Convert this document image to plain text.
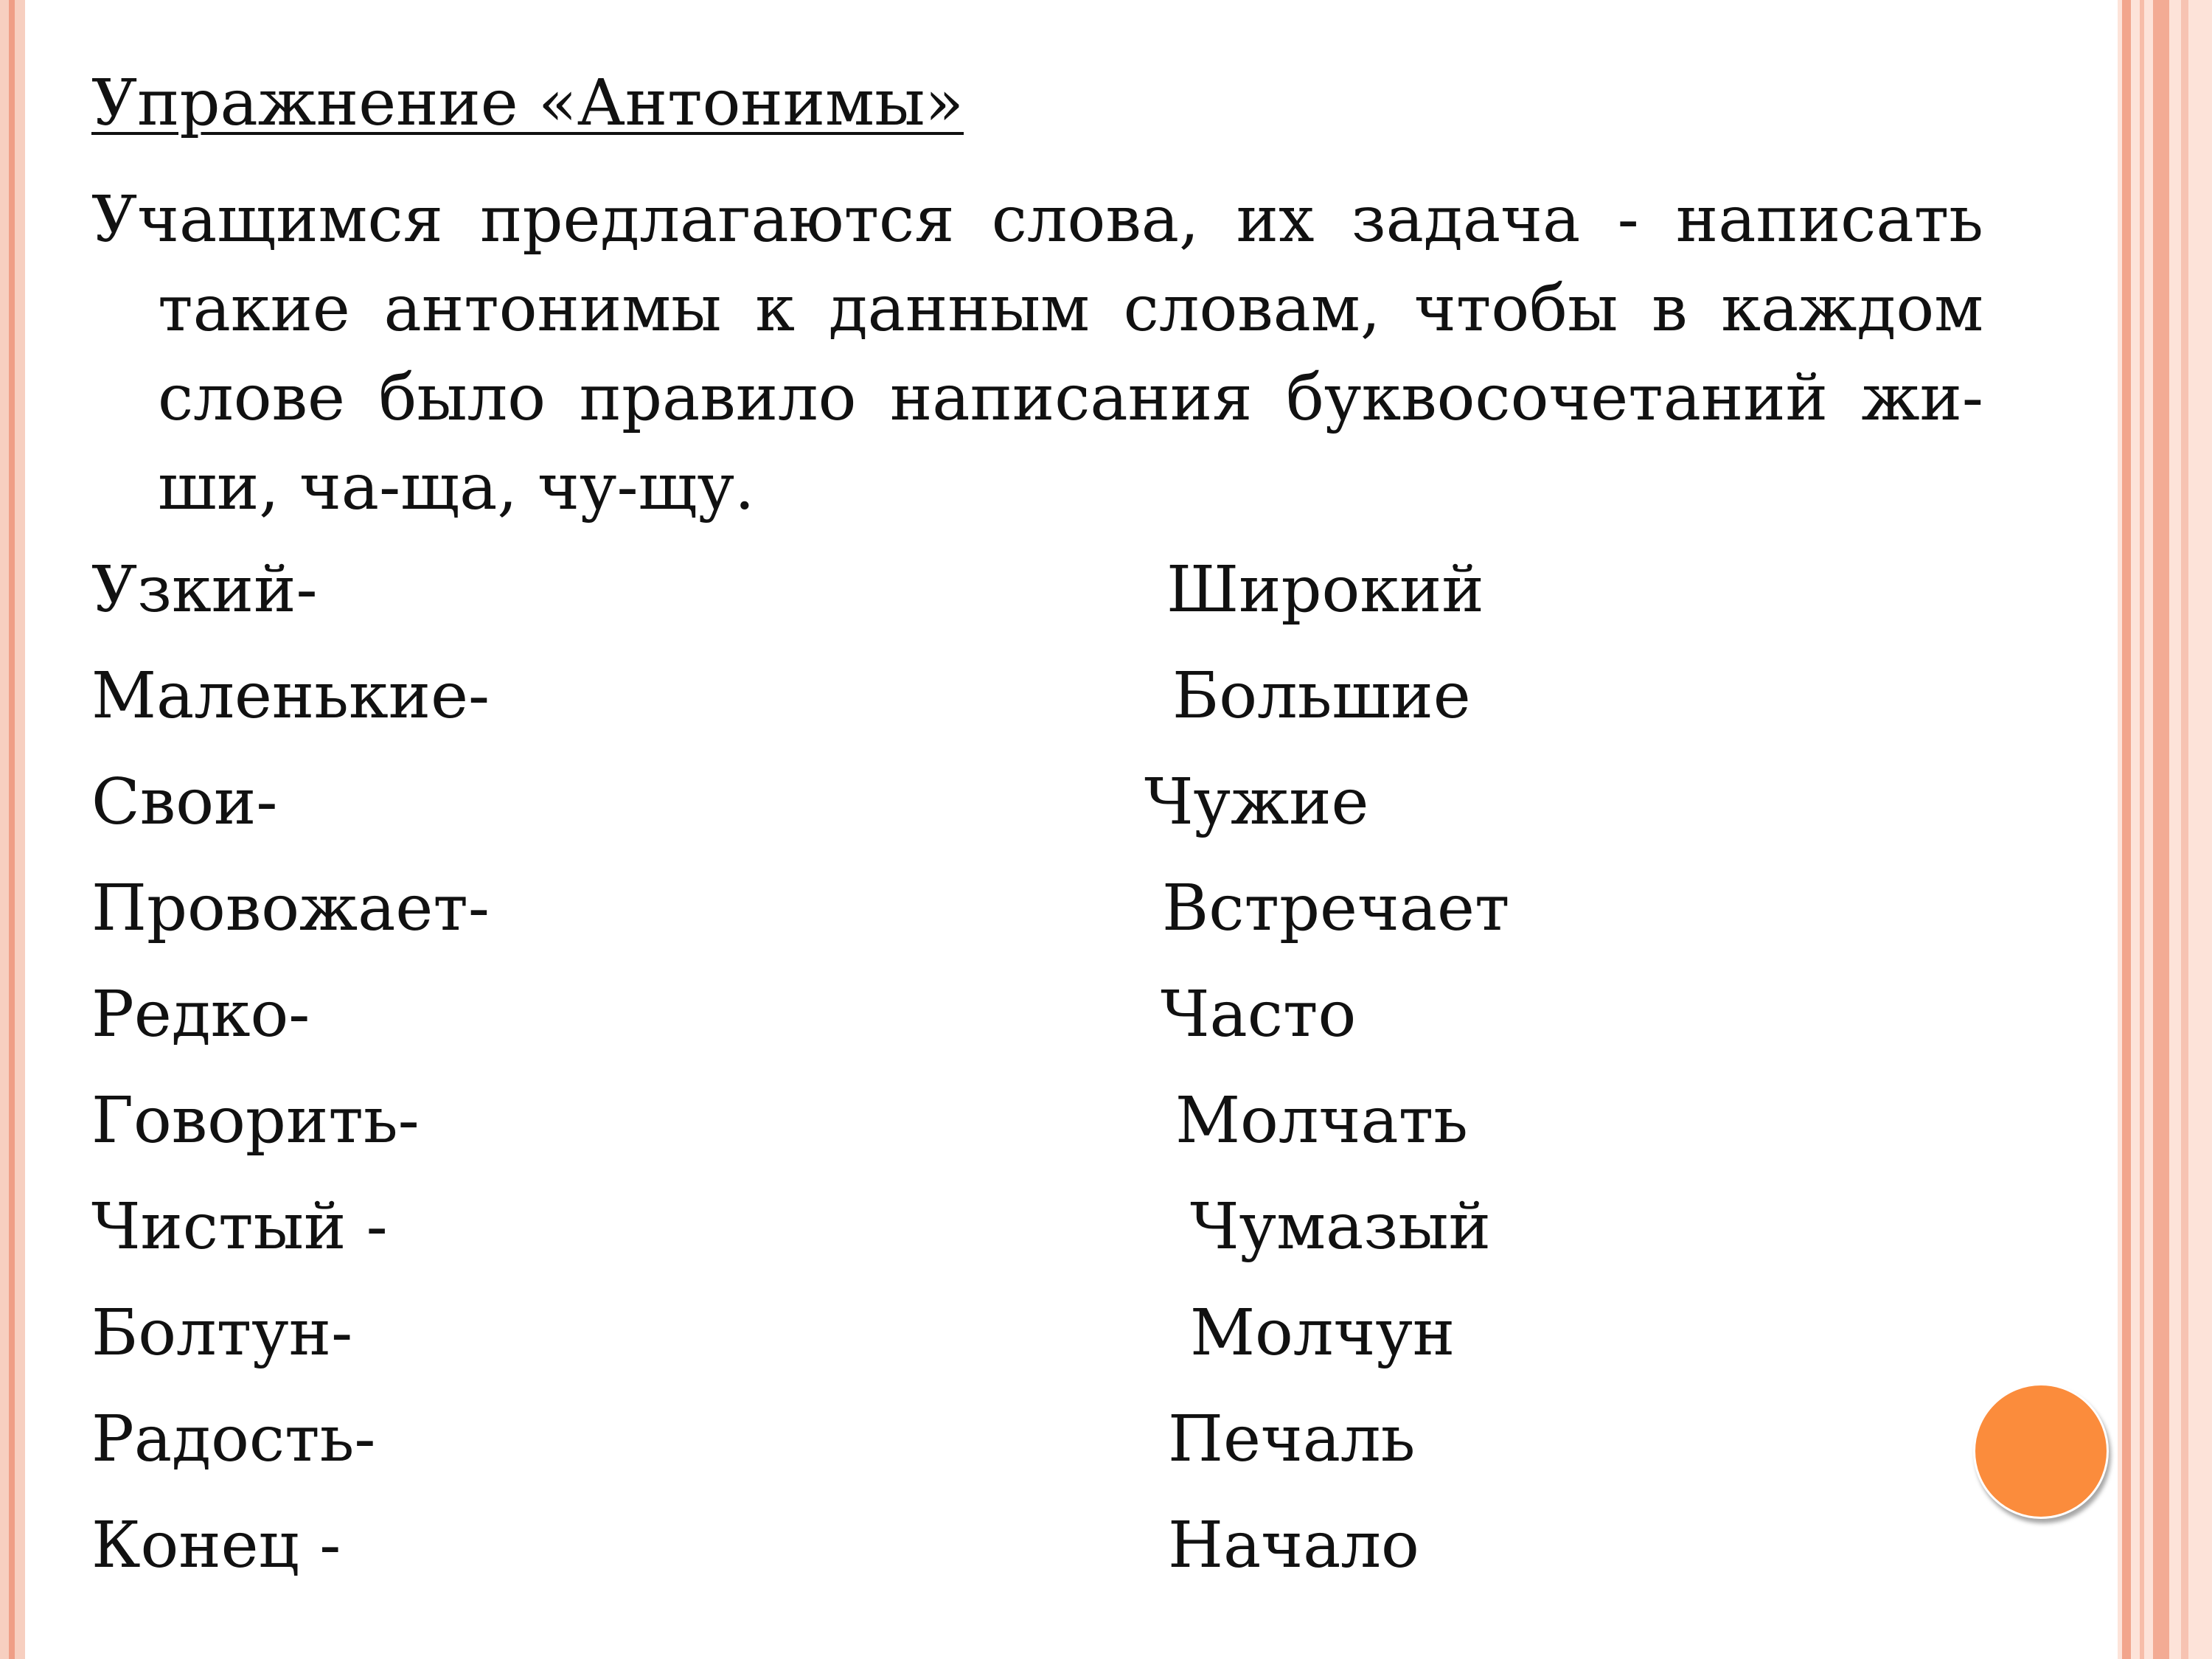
Упражнение «Антонимы»
Учащимся предлагаются слова, их задача - написать такие антонимы к данным словам, чтобы в каждом слове было правило написания буквосочетаний жи-ши, ча-ща, чу-щу.
Узкий-	Широкий
Маленькие-	Большие
Свои-	Чужие
Провожает-	Встречает
Редко-	Часто
Говорить-	Молчать
Чистый -	Чумазый
Болтун-	Молчун
Радость-	Печаль
Конец -	Начало
